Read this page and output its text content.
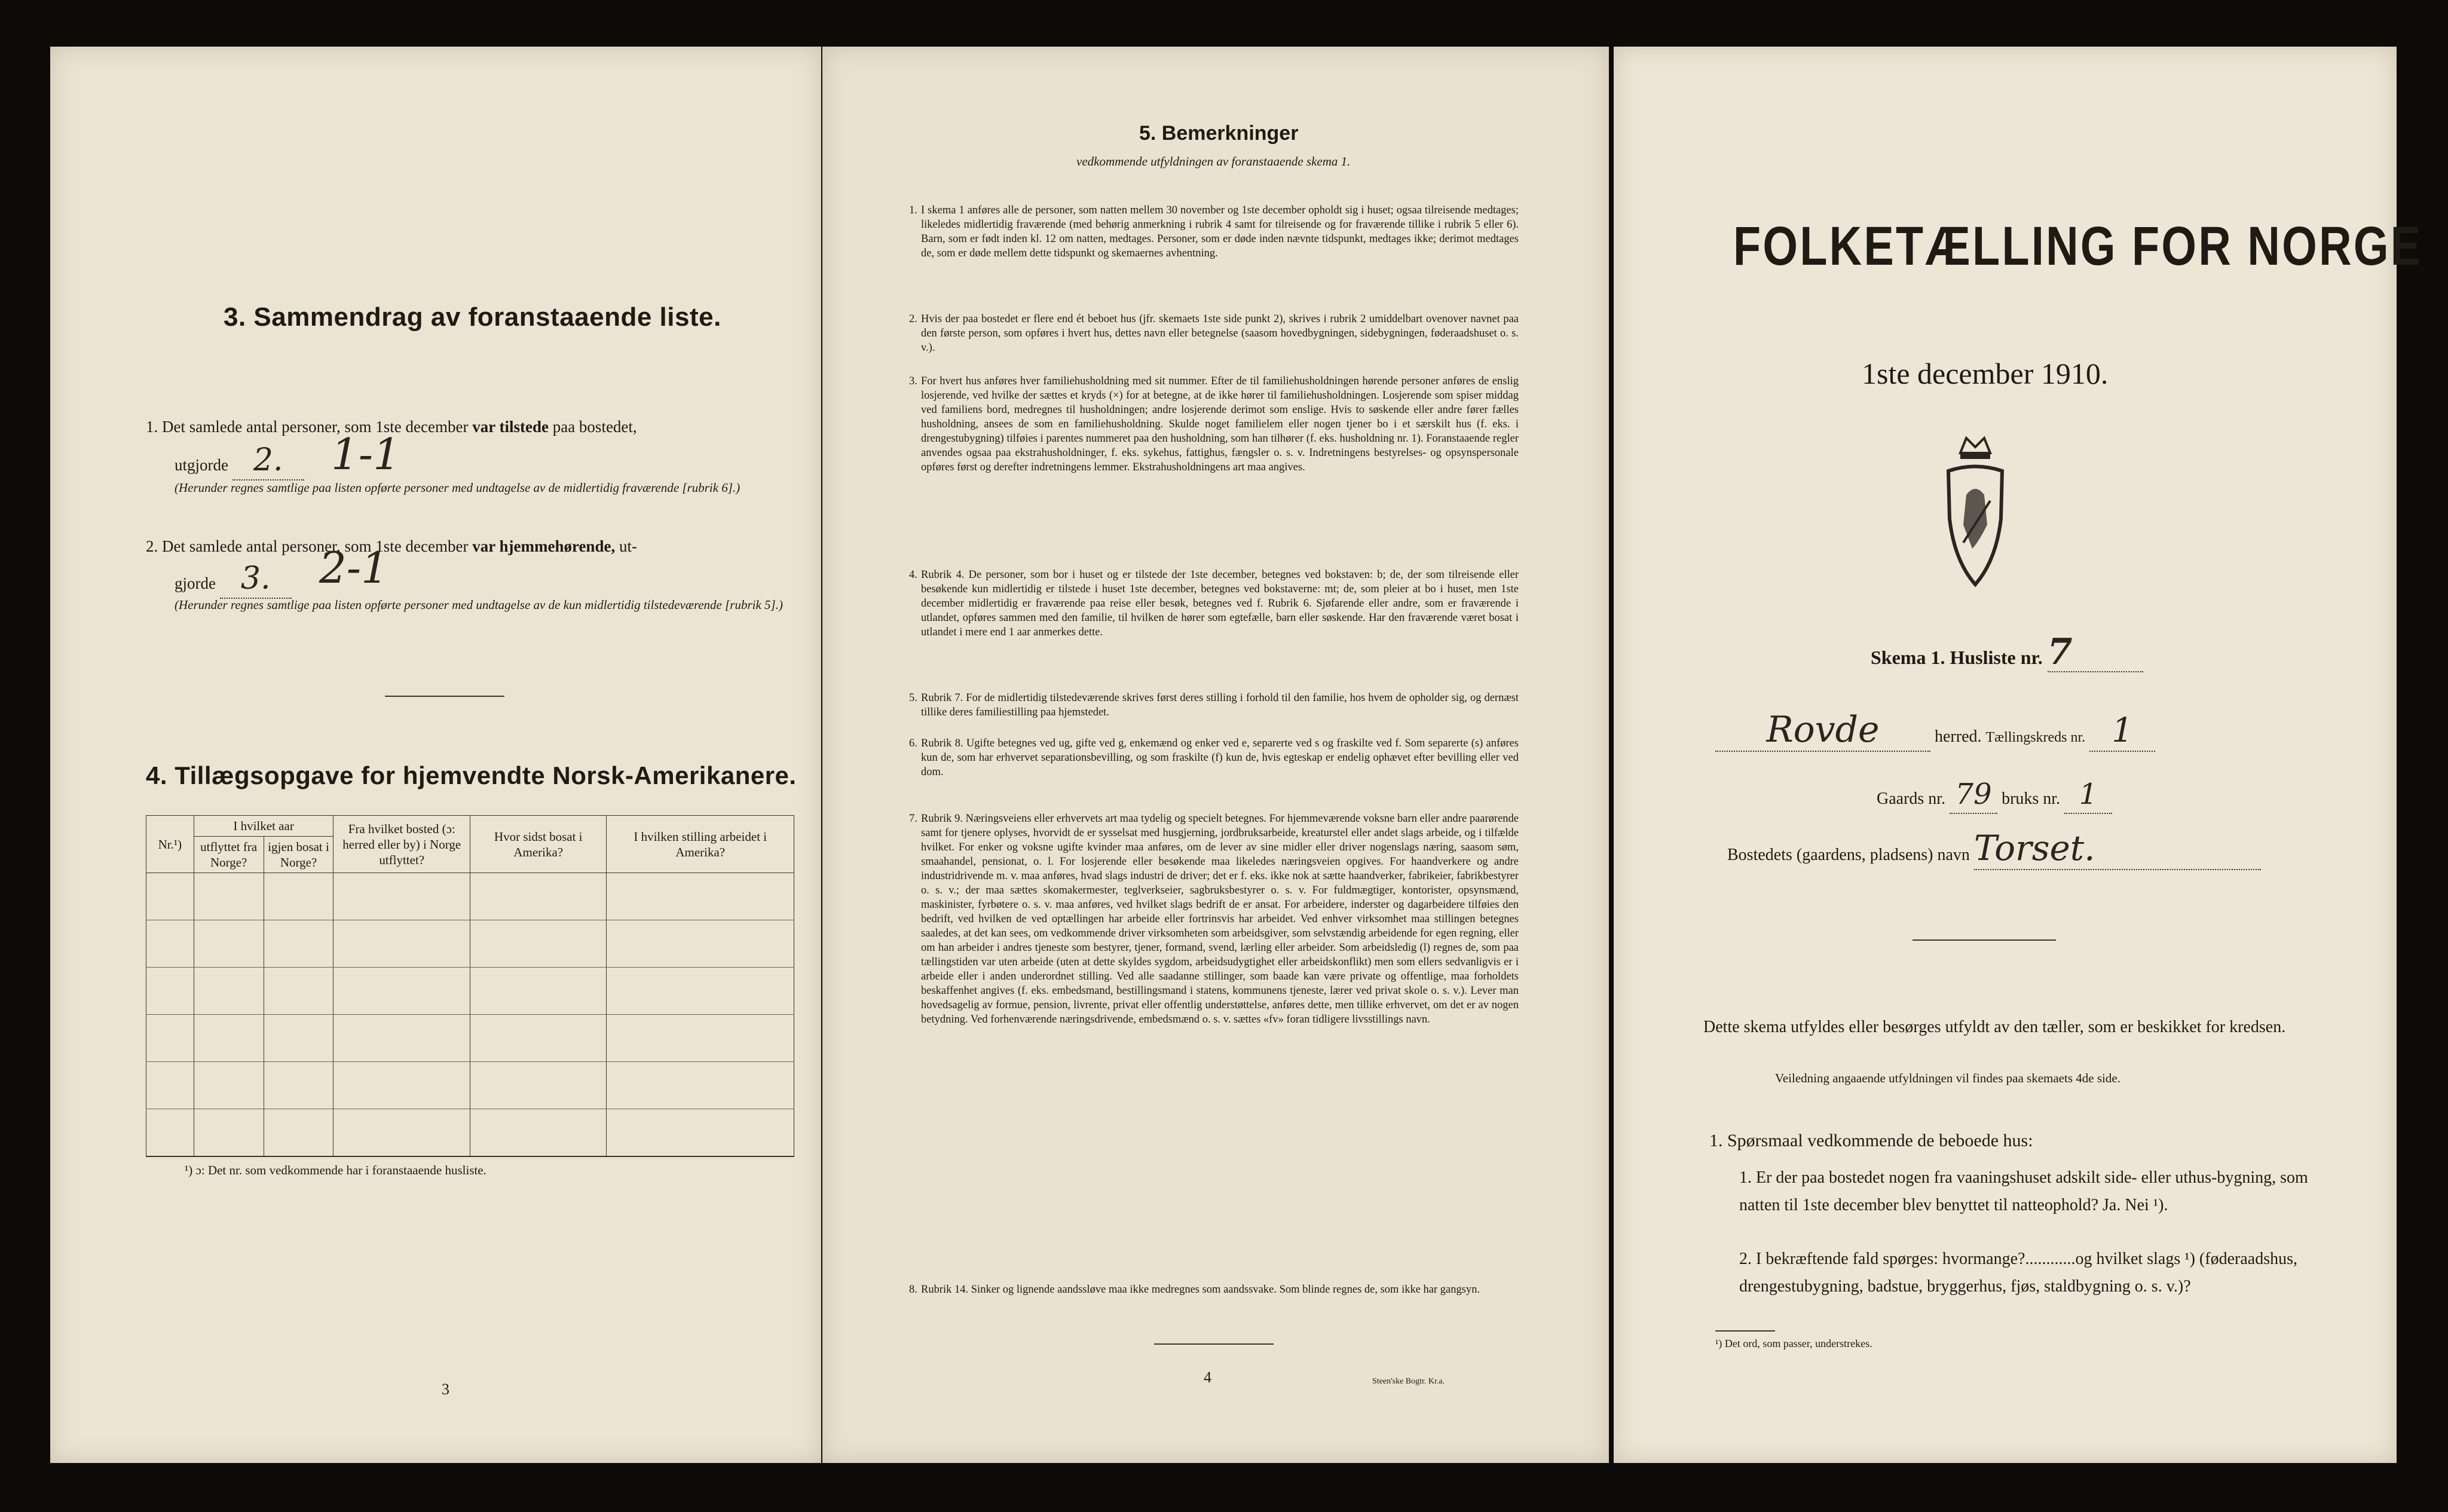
3. Sammendrag av foranstaaende liste.
1. Det samlede antal personer, som 1ste december var tilstede paa bostedet,
utgjorde 2.	1-1
(Herunder regnes samtlige paa listen opførte personer med undtagelse av de midlertidig fraværende [rubrik 6].)
2. Det samlede antal personer, som 1ste december var hjemmehørende, ut-
gjorde 3.	2-1
(Herunder regnes samtlige paa listen opførte personer med undtagelse av de kun midlertidig tilstedeværende [rubrik 5].)
4. Tillægsopgave for hjemvendte Norsk-Amerikanere.
Nr.¹)	I hvilket aar		Fra hvilket bosted (ɔ: herred eller by) i Norge utflyttet?	Hvor sidst bosat i Amerika?	I hvilken stilling arbeidet i Amerika?
	utflyttet fra Norge?	igjen bosat i Norge?			

¹) ɔ: Det nr. som vedkommende har i foranstaaende husliste.
3
5. Bemerkninger
vedkommende utfyldningen av foranstaaende skema 1.
1. I skema 1 anføres alle de personer, som natten mellem 30 november og 1ste december opholdt sig i huset; ogsaa tilreisende medtages; likeledes midlertidig fraværende (med behørig anmerkning i rubrik 4 samt for tilreisende og for fraværende tillike i rubrik 5 eller 6). Barn, som er født inden kl. 12 om natten, medtages. Personer, som er døde inden nævnte tidspunkt, medtages ikke; derimot medtages de, som er døde mellem dette tidspunkt og skemaernes avhentning.
2. Hvis der paa bostedet er flere end ét beboet hus (jfr. skemaets 1ste side punkt 2), skrives i rubrik 2 umiddelbart ovenover navnet paa den første person, som opføres i hvert hus, dettes navn eller betegnelse (saasom hovedbygningen, sidebygningen, føderaadshuset o. s. v.).
3. For hvert hus anføres hver familiehusholdning med sit nummer. Efter de til familiehusholdningen hørende personer anføres de enslig losjerende, ved hvilke der sættes et kryds (×) for at betegne, at de ikke hører til familiehusholdningen. Losjerende som spiser middag ved familiens bord, medregnes til husholdningen; andre losjerende derimot som enslige. Hvis to søskende eller andre fører fælles husholdning, ansees de som en familiehusholdning. Skulde noget familielem eller nogen tjener bo i et særskilt hus (f. eks. i drengestubygning) tilføies i parentes nummeret paa den husholdning, som han tilhører (f. eks. husholdning nr. 1). Foranstaaende regler anvendes ogsaa paa ekstrahusholdninger, f. eks. sykehus, fattighus, fængsler o. s. v. Indretningens bestyrelses- og opsynspersonale opføres først og derefter indretningens lemmer. Ekstrahusholdningens art maa angives.
4. Rubrik 4. De personer, som bor i huset og er tilstede der 1ste december, betegnes ved bokstaven: b; de, der som tilreisende eller besøkende kun midlertidig er tilstede i huset 1ste december, betegnes ved bokstaverne: mt; de, som pleier at bo i huset, men 1ste december midlertidig er fraværende paa reise eller besøk, betegnes ved f. Rubrik 6. Sjøfarende eller andre, som er fraværende i utlandet, opføres sammen med den familie, til hvilken de hører som egtefælle, barn eller søskende. Har den fraværende været bosat i utlandet i mere end 1 aar anmerkes dette.
5. Rubrik 7. For de midlertidig tilstedeværende skrives først deres stilling i forhold til den familie, hos hvem de opholder sig, og dernæst tillike deres familiestilling paa hjemstedet.
6. Rubrik 8. Ugifte betegnes ved ug, gifte ved g, enkemænd og enker ved e, separerte ved s og fraskilte ved f. Som separerte (s) anføres kun de, som har erhvervet separationsbevilling, og som fraskilte (f) kun de, hvis egteskap er endelig ophævet efter bevilling eller ved dom.
7. Rubrik 9. Næringsveiens eller erhvervets art maa tydelig og specielt betegnes. For hjemmeværende voksne barn eller andre paarørende samt for tjenere oplyses, hvorvidt de er sysselsat med husgjerning, jordbruksarbeide, kreaturstel eller andet slags arbeide, og i tilfælde hvilket. For enker og voksne ugifte kvinder maa anføres, om de lever av sine midler eller driver nogenslags næring, saasom søm, smaahandel, pensionat, o. l. For losjerende eller besøkende maa likeledes næringsveien opgives. For haandverkere og andre industridrivende m. v. maa anføres, hvad slags industri de driver; det er f. eks. ikke nok at sætte haandverker, fabrikeier, fabrikbestyrer o. s. v.; der maa sættes skomakermester, teglverkseier, sagbruksbestyrer o. s. v. For fuldmægtiger, kontorister, opsynsmænd, maskinister, fyrbøtere o. s. v. maa anføres, ved hvilket slags bedrift de er ansat. For arbeidere, inderster og dagarbeidere tilføies den bedrift, ved hvilken de ved optællingen har arbeide eller fortrinsvis har arbeidet. Ved enhver virksomhet maa stillingen betegnes saaledes, at det kan sees, om vedkommende driver virksomheten som arbeidsgiver, som selvstændig arbeidende for egen regning, eller om han arbeider i andres tjeneste som bestyrer, tjener, formand, svend, lærling eller arbeider. Som arbeidsledig (l) regnes de, som paa tællingstiden var uten arbeide (uten at dette skyldes sygdom, arbeidsudygtighet eller arbeidskonflikt) men som ellers sedvanligvis er i arbeide eller i anden underordnet stilling. Ved alle saadanne stillinger, som baade kan være private og offentlige, maa forholdets beskaffenhet angives (f. eks. embedsmand, bestillingsmand i statens, kommunens tjeneste, lærer ved privat skole o. s. v.). Lever man hovedsagelig av formue, pension, livrente, privat eller offentlig understøttelse, anføres dette, men tillike erhvervet, om det er av nogen betydning. Ved forhenværende næringsdrivende, embedsmænd o. s. v. sættes «fv» foran tidligere livsstillings navn.
8. Rubrik 14. Sinker og lignende aandssløve maa ikke medregnes som aandssvake. Som blinde regnes de, som ikke har gangsyn.
4	Steen'ske Bogtr. Kr.a.
FOLKETÆLLING FOR NORGE
1ste december 1910.
Skema 1. Husliste nr. 7
Rovde	herred. Tællingskreds nr. 1
Gaards nr. 79 bruks nr. 1
Bostedets (gaardens, pladsens) navn Torset.
Dette skema utfyldes eller besørges utfyldt av den tæller, som er beskikket for kredsen.
Veiledning angaaende utfyldningen vil findes paa skemaets 4de side.
1. Spørsmaal vedkommende de beboede hus:
1. Er der paa bostedet nogen fra vaaningshuset adskilt side- eller uthus-bygning, som natten til 1ste december blev benyttet til natteophold? Ja. Nei ¹).
2. I bekræftende fald spørges: hvormange?............og hvilket slags ¹) (føderaadshus, drengestubygning, badstue, bryggerhus, fjøs, staldbygning o. s. v.)?
¹) Det ord, som passer, understrekes.
